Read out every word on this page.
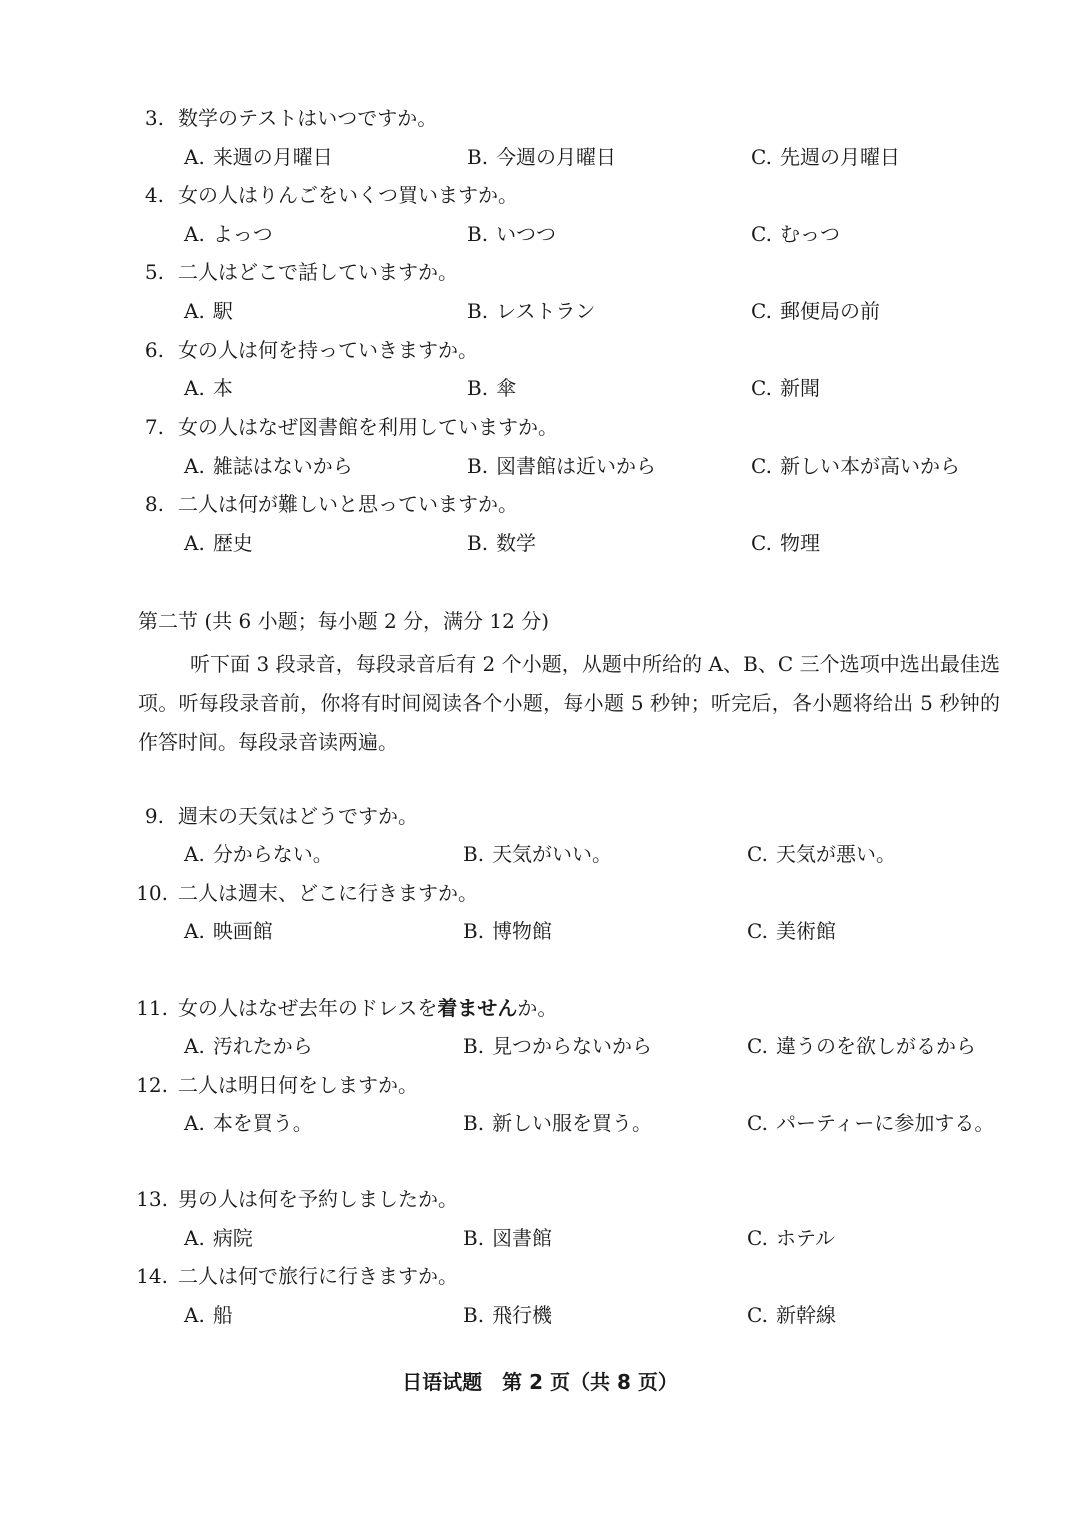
3. 数学のテストはいつですか。
A. 来週の月曜日	B. 今週の月曜日	C. 先週の月曜日
4. 女の人はりんごをいくつ買いますか。
A. よっつ	B. いつつ	C. むっつ
5. 二人はどこで話していますか。
A. 駅	B. レストラン	C. 郵便局の前
6. 女の人は何を持っていきますか。
A. 本	B. 傘	C. 新聞
7. 女の人はなぜ図書館を利用していますか。
A. 雑誌はないから	B. 図書館は近いから	C. 新しい本が高いから
8. 二人は何が難しいと思っていますか。
A. 歴史	B. 数学	C. 物理
第二节 (共 6 小题；每小题 2 分，满分 12 分)
听下面 3 段录音，每段录音后有 2 个小题，从题中所给的 A、B、C 三个选项中选出最佳选项。听每段录音前，你将有时间阅读各个小题，每小题 5 秒钟；听完后，各小题将给出 5 秒钟的作答时间。每段录音读两遍。
9. 週末の天気はどうですか。
A. 分からない。	B. 天気がいい。	C. 天気が悪い。
10. 二人は週末、どこに行きますか。
A. 映画館	B. 博物館	C. 美術館
11. 女の人はなぜ去年のドレスを着ませんか。
A. 汚れたから	B. 見つからないから	C. 違うのを欲しがるから
12. 二人は明日何をしますか。
A. 本を買う。	B. 新しい服を買う。	C. パーティーに参加する。
13. 男の人は何を予約しましたか。
A. 病院	B. 図書館	C. ホテル
14. 二人は何で旅行に行きますか。
A. 船	B. 飛行機	C. 新幹線
日语试题　第 2 页（共 8 页）
